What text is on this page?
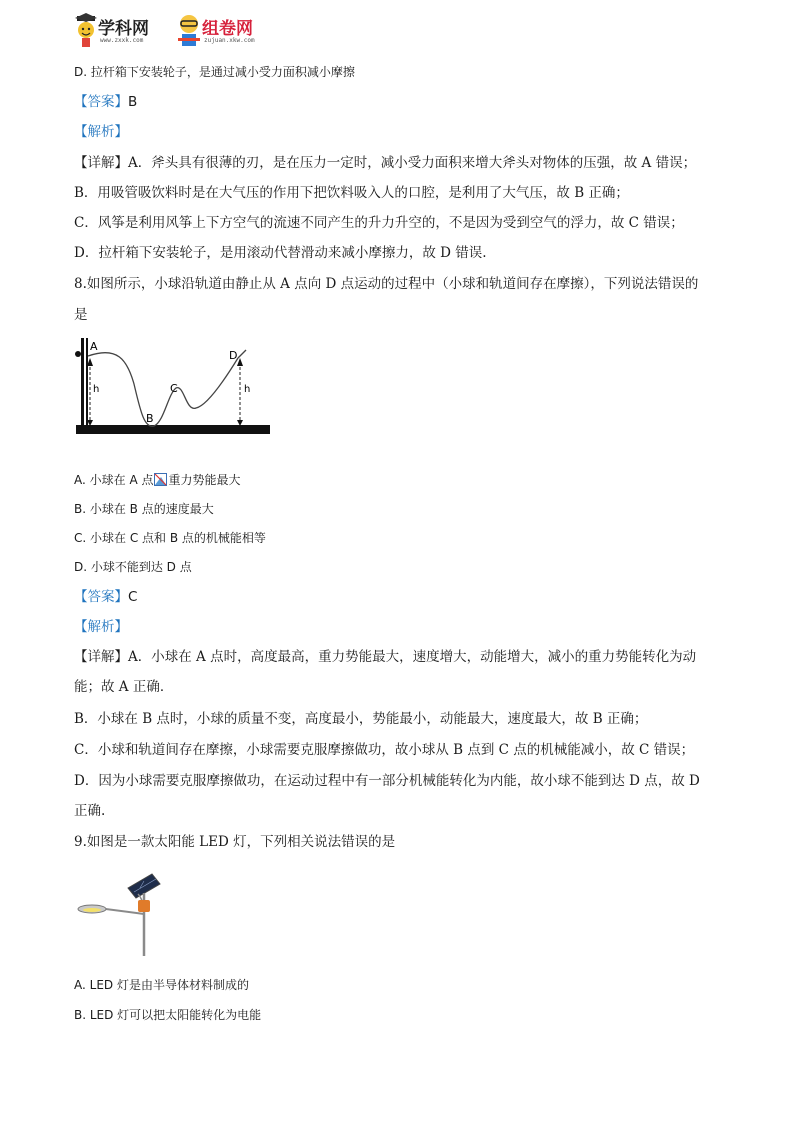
学科网
www.zxxk.com
组卷网
zujuan.xkw.com
D. 拉杆箱下安装轮子，是通过减小受力面积减小摩擦
【答案】B
【解析】
【详解】A．斧头具有很薄的刃，是在压力一定时，减小受力面积来增大斧头对物体的压强，故 A 错误；
B．用吸管吸饮料时是在大气压的作用下把饮料吸入人的口腔，是利用了大气压，故 B 正确；
C．风筝是利用风筝上下方空气的流速不同产生的升力升空的，不是因为受到空气的浮力，故 C 错误；
D．拉杆箱下安装轮子，是用滚动代替滑动来减小摩擦力，故 D 错误.
8.如图所示，小球沿轨道由静止从 A 点向 D 点运动的过程中（小球和轨道间存在摩擦），下列说法错误的
是
A
B
C
D
h	h
A. 小球在 A 点 重力势能最大
B. 小球在 B 点的速度最大
C. 小球在 C 点和 B 点的机械能相等
D. 小球不能到达 D 点
【答案】C
【解析】
【详解】A．小球在 A 点时，高度最高，重力势能最大，速度增大，动能增大，减小的重力势能转化为动
能；故 A 正确．
B．小球在 B 点时，小球的质量不变，高度最小，势能最小，动能最大，速度最大，故 B 正确；
C．小球和轨道间存在摩擦，小球需要克服摩擦做功，故小球从 B 点到 C 点的机械能减小，故 C 错误；
D．因为小球需要克服摩擦做功，在运动过程中有一部分机械能转化为内能，故小球不能到达 D 点，故 D
正确.
9.如图是一款太阳能 LED 灯，下列相关说法错误的是
A. LED 灯是由半导体材料制成的
B. LED 灯可以把太阳能转化为电能
